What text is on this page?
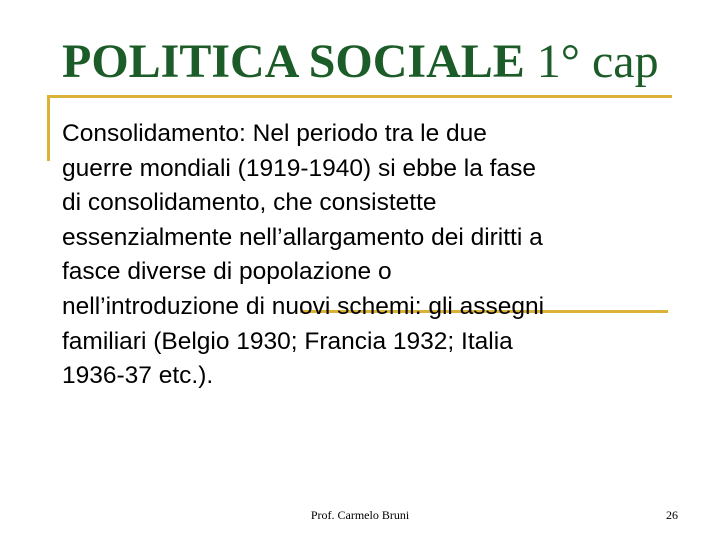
POLITICA SOCIALE 1° cap

Consolidamento: Nel periodo tra le due
guerre mondiali (1919-1940) si ebbe la fase
di consolidamento, che consistette
essenzialmente nell’allargamento dei diritti a
fasce diverse di popolazione o
nell’introduzione di nuovi schemi: gli assegni
familiari (Belgio 1930; Francia 1932; Italia
1936-37 etc.).

Prof. Carmelo Bruni	26
